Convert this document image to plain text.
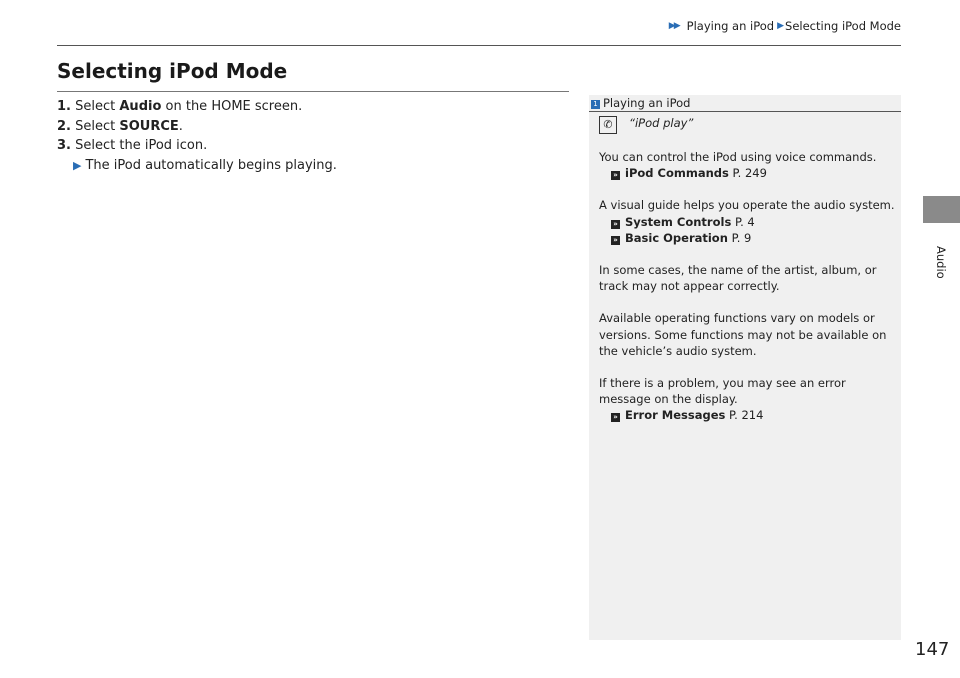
▶▶ Playing an iPod ▶ Selecting iPod Mode
Selecting iPod Mode
1. Select Audio on the HOME screen.
2. Select SOURCE.
3. Select the iPod icon.
▶ The iPod automatically begins playing.
1 Playing an iPod
✆	“iPod play”
You can control the iPod using voice commands.
» iPod Commands P. 249
A visual guide helps you operate the audio system.
» System Controls P. 4
» Basic Operation P. 9
In some cases, the name of the artist, album, or track may not appear correctly.
Available operating functions vary on models or versions. Some functions may not be available on the vehicle’s audio system.
If there is a problem, you may see an error message on the display.
» Error Messages P. 214
Audio
147
